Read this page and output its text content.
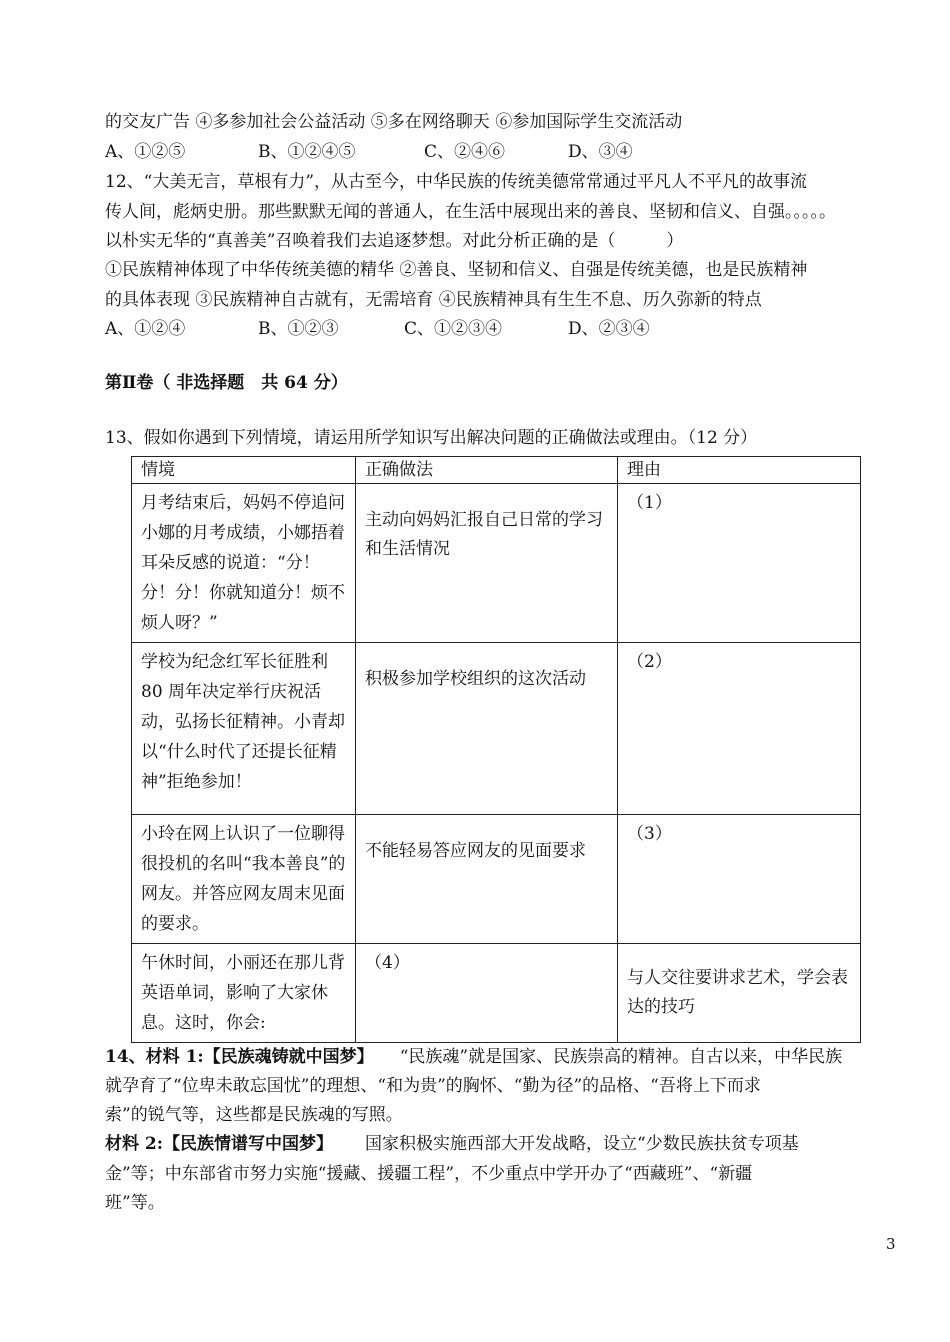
的交友广告 ④多参加社会公益活动 ⑤多在网络聊天 ⑥参加国际学生交流活动
A、①②⑤	B、①②④⑤	C、②④⑥	D、③④
12、“大美无言，草根有力”，从古至今，中华民族的传统美德常常通过平凡人不平凡的故事流
传人间，彪炳史册。那些默默无闻的普通人，在生活中展现出来的善良、坚韧和信义、自强。。。。。
以朴实无华的“真善美”召唤着我们去追逐梦想。对此分析正确的是（　　　）
①民族精神体现了中华传统美德的精华 ②善良、坚韧和信义、自强是传统美德，也是民族精神
的具体表现 ③民族精神自古就有，无需培育 ④民族精神具有生生不息、历久弥新的特点
A、①②④	B、①②③	C、①②③④	D、②③④
第Ⅱ卷（ 非选择题　共 64 分）
13、假如你遇到下列情境，请运用所学知识写出解决问题的正确做法或理由。（12 分）
情境	正确做法	理由
月考结束后，妈妈不停追问小娜的月考成绩，小娜捂着耳朵反感的说道：“分！分！分！你就知道分！烦不烦人呀？”	主动向妈妈汇报自己日常的学习和生活情况	（1）
学校为纪念红军长征胜利 80 周年决定举行庆祝活动，弘扬长征精神。小青却以“什么时代了还提长征精神”拒绝参加！	积极参加学校组织的这次活动	（2）
小玲在网上认识了一位聊得很投机的名叫“我本善良”的网友。并答应网友周末见面的要求。	不能轻易答应网友的见面要求	（3）
午休时间，小丽还在那儿背英语单词，影响了大家休息。这时，你会:	（4）	与人交往要讲求艺术，学会表达的技巧
14、材料 1:【民族魂铸就中国梦】 “民族魂”就是国家、民族崇高的精神。自古以来，中华民族
就孕育了“位卑未敢忘国忧”的理想、“和为贵”的胸怀、“勤为径”的品格、“吾将上下而求
索”的锐气等，这些都是民族魂的写照。
材料 2:【民族情谱写中国梦】 国家积极实施西部大开发战略，设立“少数民族扶贫专项基
金”等；中东部省市努力实施“援藏、援疆工程”，不少重点中学开办了“西藏班”、“新疆
班”等。
3
